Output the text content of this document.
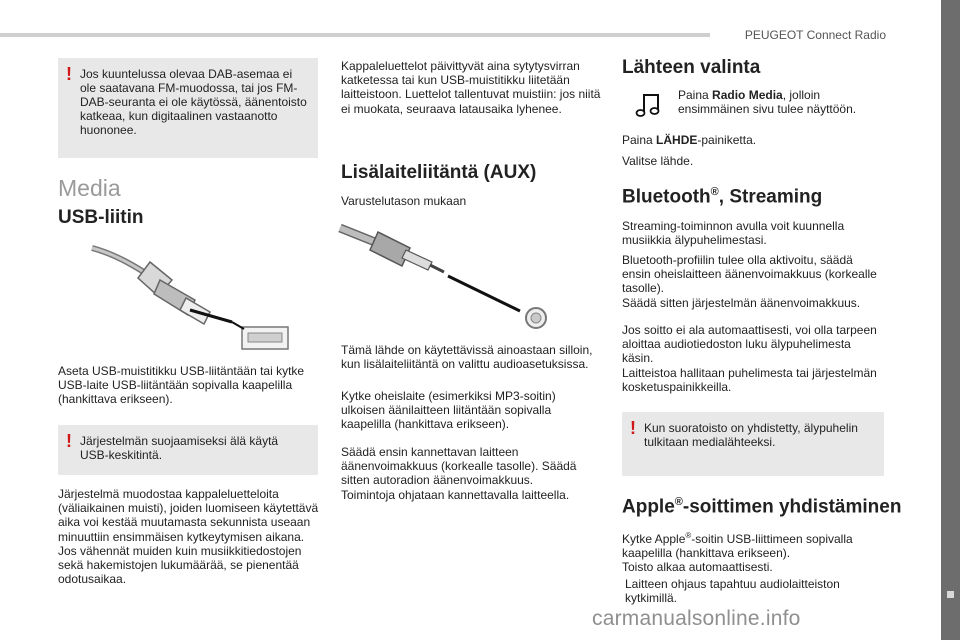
PEUGEOT Connect Radio
! Jos kuuntelussa olevaa DAB-asemaa ei ole saatavana FM-muodossa, tai jos FM-DAB-seuranta ei ole käytössä, äänentoisto katkeaa, kun digitaalinen vastaanotto huononee.
Media
USB-liitin
Aseta USB-muistitikku USB-liitäntään tai kytke USB-laite USB-liitäntään sopivalla kaapelilla (hankittava erikseen).
! Järjestelmän suojaamiseksi älä käytä USB-keskitintä.
Järjestelmä muodostaa kappaleluetteloita (väliaikainen muisti), joiden luomiseen käytettävä aika voi kestää muutamasta sekunnista useaan minuuttiin ensimmäisen kytkeytymisen aikana.
Jos vähennät muiden kuin musiikkitiedostojen sekä hakemistojen lukumäärää, se pienentää odotusaikaa.
Kappaleluettelot päivittyvät aina sytytysvirran katketessa tai kun USB-muistitikku liitetään laitteistoon. Luettelot tallentuvat muistiin: jos niitä ei muokata, seuraava latausaika lyhenee.
Lisälaiteliitäntä (AUX)
Varustelutason mukaan
Tämä lähde on käytettävissä ainoastaan silloin, kun lisälaiteliitäntä on valittu audioasetuksissa.
Kytke oheislaite (esimerkiksi MP3-soitin) ulkoisen äänilaitteen liitäntään sopivalla kaapelilla (hankittava erikseen).
Säädä ensin kannettavan laitteen äänenvoimakkuus (korkealle tasolle). Säädä sitten autoradion äänenvoimakkuus.
Toimintoja ohjataan kannettavalla laitteella.
Lähteen valinta
Paina Radio Media, jolloin ensimmäinen sivu tulee näyttöön.
Paina LÄHDE-painiketta.
Valitse lähde.
Bluetooth®, Streaming
Streaming-toiminnon avulla voit kuunnella musiikkia älypuhelimestasi.
Bluetooth-profiilin tulee olla aktivoitu, säädä ensin oheislaitteen äänenvoimakkuus (korkealle tasolle).
Säädä sitten järjestelmän äänenvoimakkuus.
Jos soitto ei ala automaattisesti, voi olla tarpeen aloittaa audiotiedoston luku älypuhelimesta käsin.
Laitteistoa hallitaan puhelimesta tai järjestelmän kosketuspainikkeilla.
! Kun suoratoisto on yhdistetty, älypuhelin tulkitaan medialähteeksi.
Apple®-soittimen yhdistäminen
Kytke Apple®-soitin USB-liittimeen sopivalla kaapelilla (hankittava erikseen).
Toisto alkaa automaattisesti.
Laitteen ohjaus tapahtuu audiolaitteiston kytkimillä.
carmanualsonline.info
